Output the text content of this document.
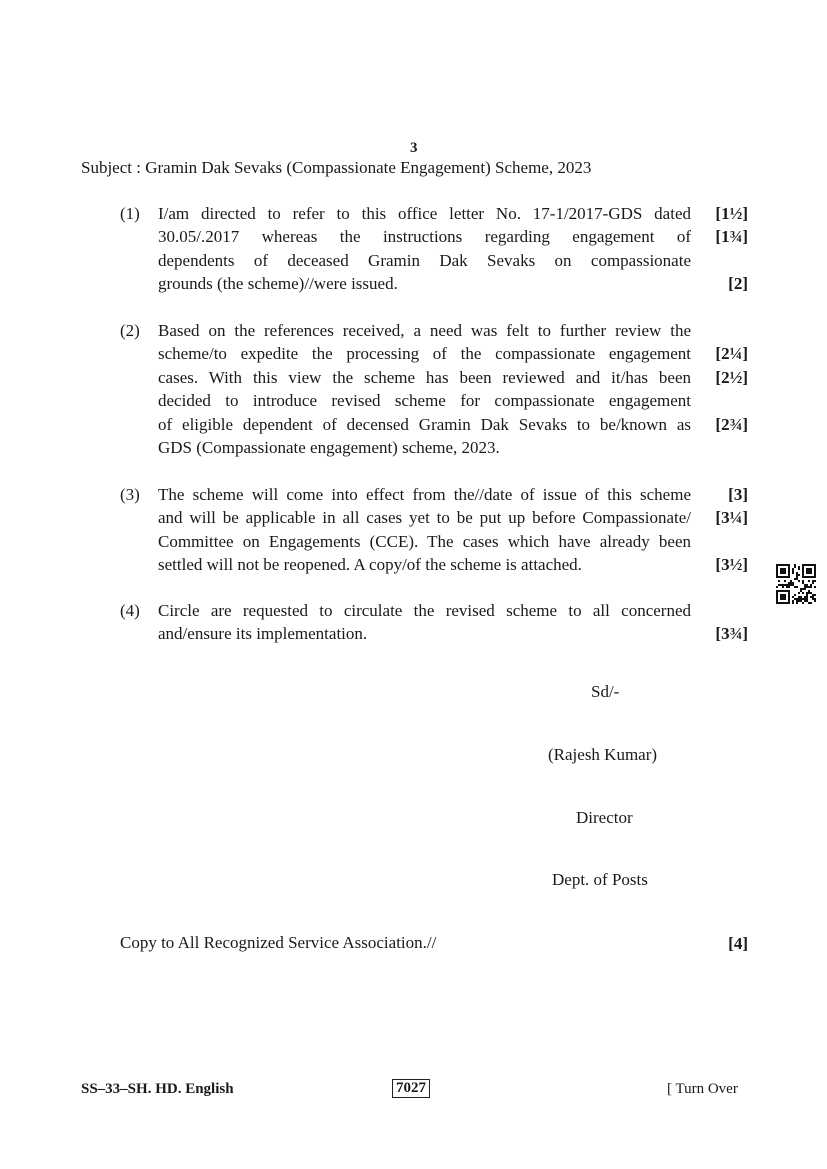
3
Subject : Gramin Dak Sevaks (Compassionate Engagement) Scheme, 2023
(1) I/am directed to refer to this office letter No. 17-1/2017-GDS dated
30.05/.2017 whereas the instructions regarding engagement of
dependents of deceased Gramin Dak Sevaks on compassionate
grounds (the scheme)//were issued.
[1½]
[1¾]
[2]
(2) Based on the references received, a need was felt to further review the
scheme/to expedite the processing of the compassionate engagement
cases. With this view the scheme has been reviewed and it/has been
decided to introduce revised scheme for compassionate engagement
of eligible dependent of decensed Gramin Dak Sevaks to be/known as
GDS (Compassionate engagement) scheme, 2023.
[2¼]
[2½]
[2¾]
(3) The scheme will come into effect from the//date of issue of this scheme
and will be applicable in all cases yet to be put up before Compassionate/
Committee on Engagements (CCE). The cases which have already been
settled will not be reopened. A copy/of the scheme is attached.
[3]
[3¼]
[3½]
(4) Circle are requested to circulate the revised scheme to all concerned
and/ensure its implementation.	[3¾]
Sd/-
(Rajesh Kumar)
Director
Dept. of Posts
Copy to All Recognized Service Association.//	[4]
SS–33–SH. HD. English	7027	[ Turn Over
